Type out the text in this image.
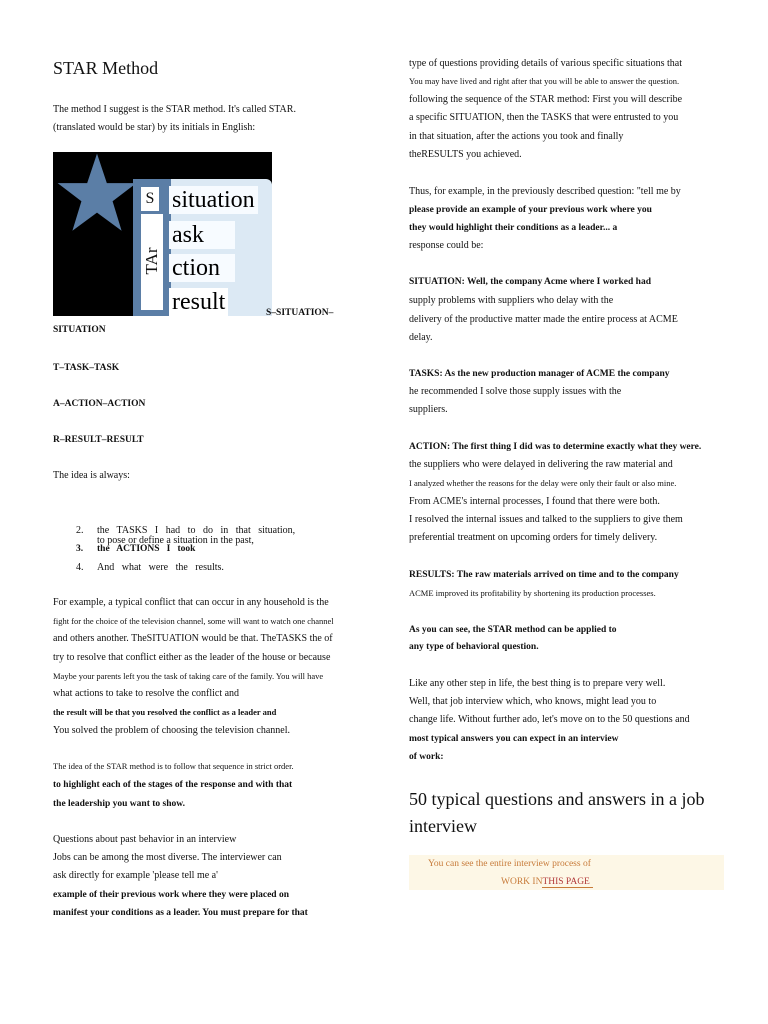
STAR Method
The method I suggest is the STAR method. It's called STAR.
(translated would be star) by its initials in English:
S
TAr
situation
ask
ction
result	S–SITUATION–
SITUATION
T–TASK–TASK
A–ACTION–ACTION
R–RESULT–RESULT
The idea is always:
to pose or define a situation in the past,
2. the   TASKS   I   had   to   do   in   that   situation,
3. the   ACTIONS   I   took
4. And   what   were   the   results.
For example, a typical conflict that can occur in any household is the
fight for the choice of the television channel, some will want to watch one channel
and others another. TheSITUATION would be that. TheTASKS the of
try to resolve that conflict either as the leader of the house or because
Maybe your parents left you the task of taking care of the family. You will have
what actions to take to resolve the conflict and
the result will be that you resolved the conflict as a leader and
You solved the problem of choosing the television channel.
The idea of the STAR method is to follow that sequence in strict order.
to highlight each of the stages of the response and with that
the leadership you want to show.
Questions about past behavior in an interview
Jobs can be among the most diverse. The interviewer can
ask directly for example 'please tell me a'
example of their previous work where they were placed on
manifest your conditions as a leader. You must prepare for that
type of questions providing details of various specific situations that
You may have lived and right after that you will be able to answer the question.
following the sequence of the STAR method: First you will describe
a specific SITUATION, then the TASKS that were entrusted to you
in that situation, after the actions you took and finally
theRESULTS you achieved.
Thus, for example, in the previously described question: "tell me by
please provide an example of your previous work where you
they would highlight their conditions as a leader... a
response could be:
SITUATION: Well, the company Acme where I worked had
supply problems with suppliers who delay with the
delivery of the productive matter made the entire process at ACME
delay.
TASKS: As the new production manager of ACME the company
he recommended I solve those supply issues with the
suppliers.
ACTION: The first thing I did was to determine exactly what they were.
the suppliers who were delayed in delivering the raw material and
I analyzed whether the reasons for the delay were only their fault or also mine.
From ACME's internal processes, I found that there were both.
I resolved the internal issues and talked to the suppliers to give them
preferential treatment on upcoming orders for timely delivery.
RESULTS: The raw materials arrived on time and to the company
ACME improved its profitability by shortening its production processes.
As you can see, the STAR method can be applied to
any type of behavioral question.
Like any other step in life, the best thing is to prepare very well.
Well, that job interview which, who knows, might lead you to
change life. Without further ado, let's move on to the 50 questions and
most typical answers you can expect in an interview
of work:
50 typical questions and answers in a job interview
You can see the entire interview process of
WORK INTHIS PAGE
